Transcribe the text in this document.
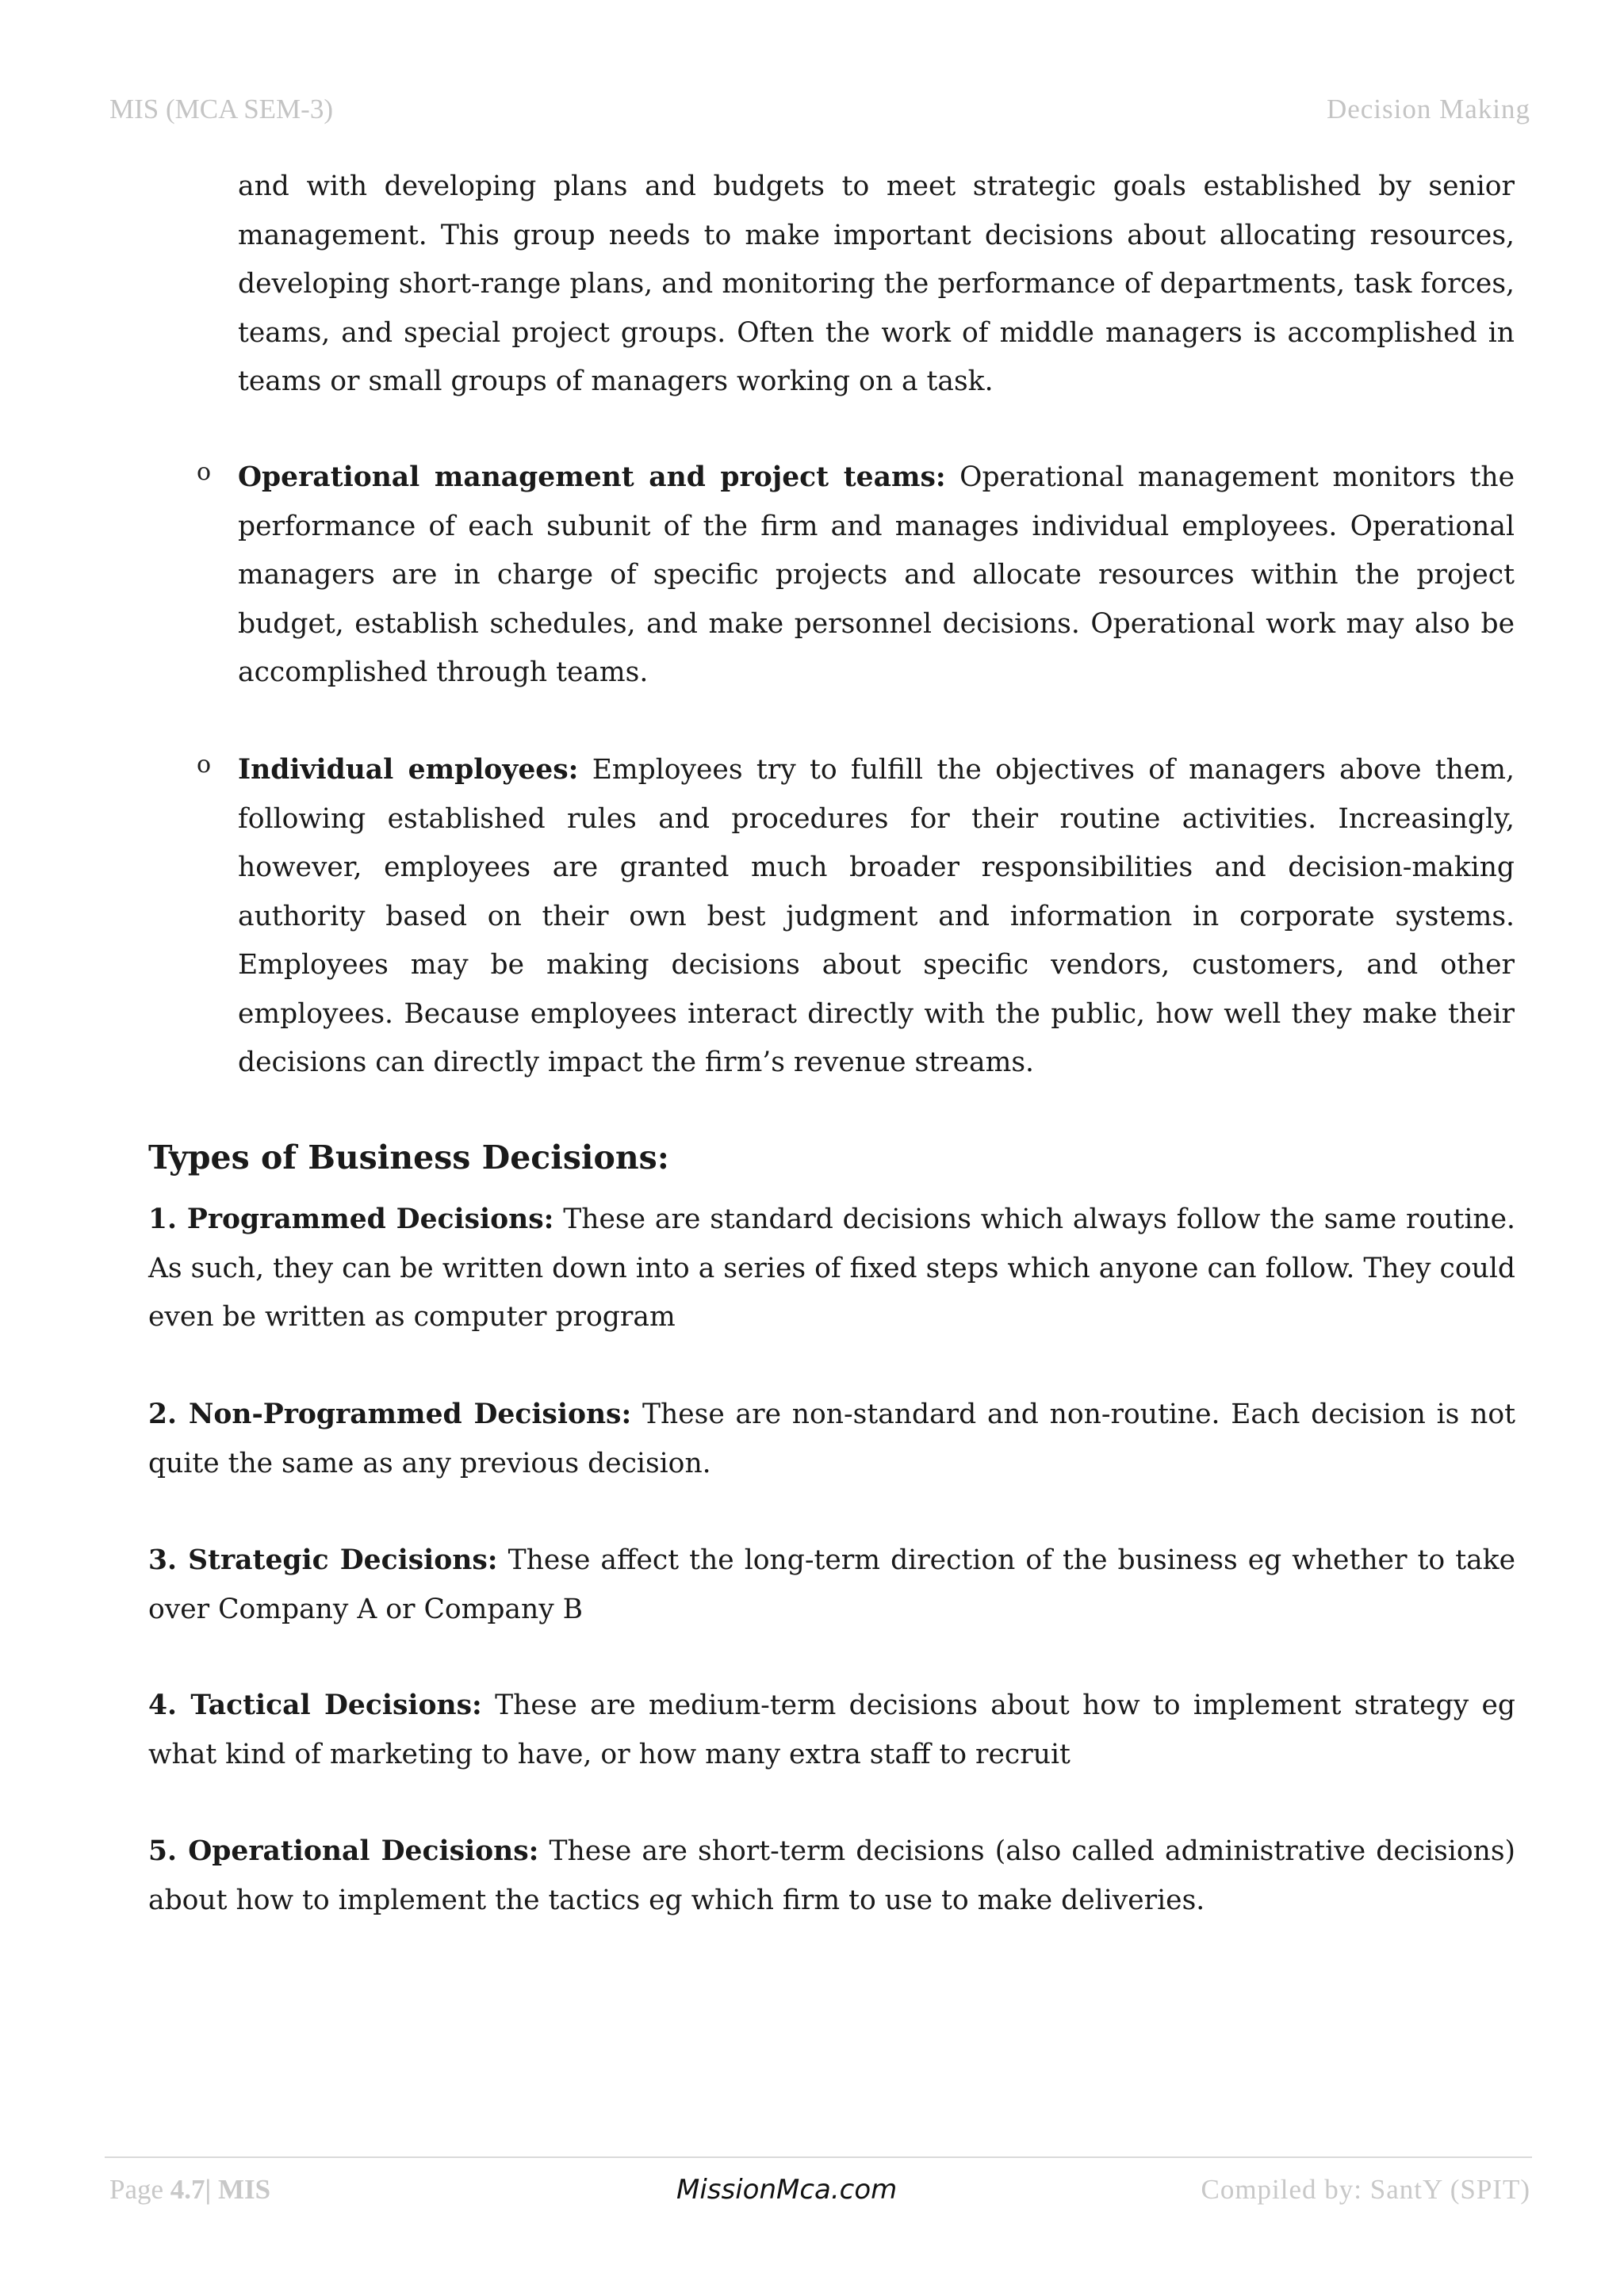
MIS (MCA SEM-3)	Decision Making

and with developing plans and budgets to meet strategic goals established by senior management. This group needs to make important decisions about allocating resources, developing short-range plans, and monitoring the performance of departments, task forces, teams, and special project groups. Often the work of middle managers is accomplished in teams or small groups of managers working on a task.

o Operational management and project teams: Operational management monitors the performance of each subunit of the firm and manages individual employees. Operational managers are in charge of specific projects and allocate resources within the project budget, establish schedules, and make personnel decisions. Operational work may also be accomplished through teams.

o Individual employees: Employees try to fulfill the objectives of managers above them, following established rules and procedures for their routine activities. Increasingly, however, employees are granted much broader responsibilities and decision-making authority based on their own best judgment and information in corporate systems. Employees may be making decisions about specific vendors, customers, and other employees. Because employees interact directly with the public, how well they make their decisions can directly impact the firm’s revenue streams.

Types of Business Decisions:

1. Programmed Decisions: These are standard decisions which always follow the same routine. As such, they can be written down into a series of fixed steps which anyone can follow. They could even be written as computer program

2. Non-Programmed Decisions: These are non-standard and non-routine. Each decision is not quite the same as any previous decision.

3. Strategic Decisions: These affect the long-term direction of the business eg whether to take over Company A or Company B

4. Tactical Decisions: These are medium-term decisions about how to implement strategy eg what kind of marketing to have, or how many extra staff to recruit

5. Operational Decisions: These are short-term decisions (also called administrative decisions) about how to implement the tactics eg which firm to use to make deliveries.

Page 4.7| MIS	MissionMca.com	Compiled by: SantY (SPIT)
